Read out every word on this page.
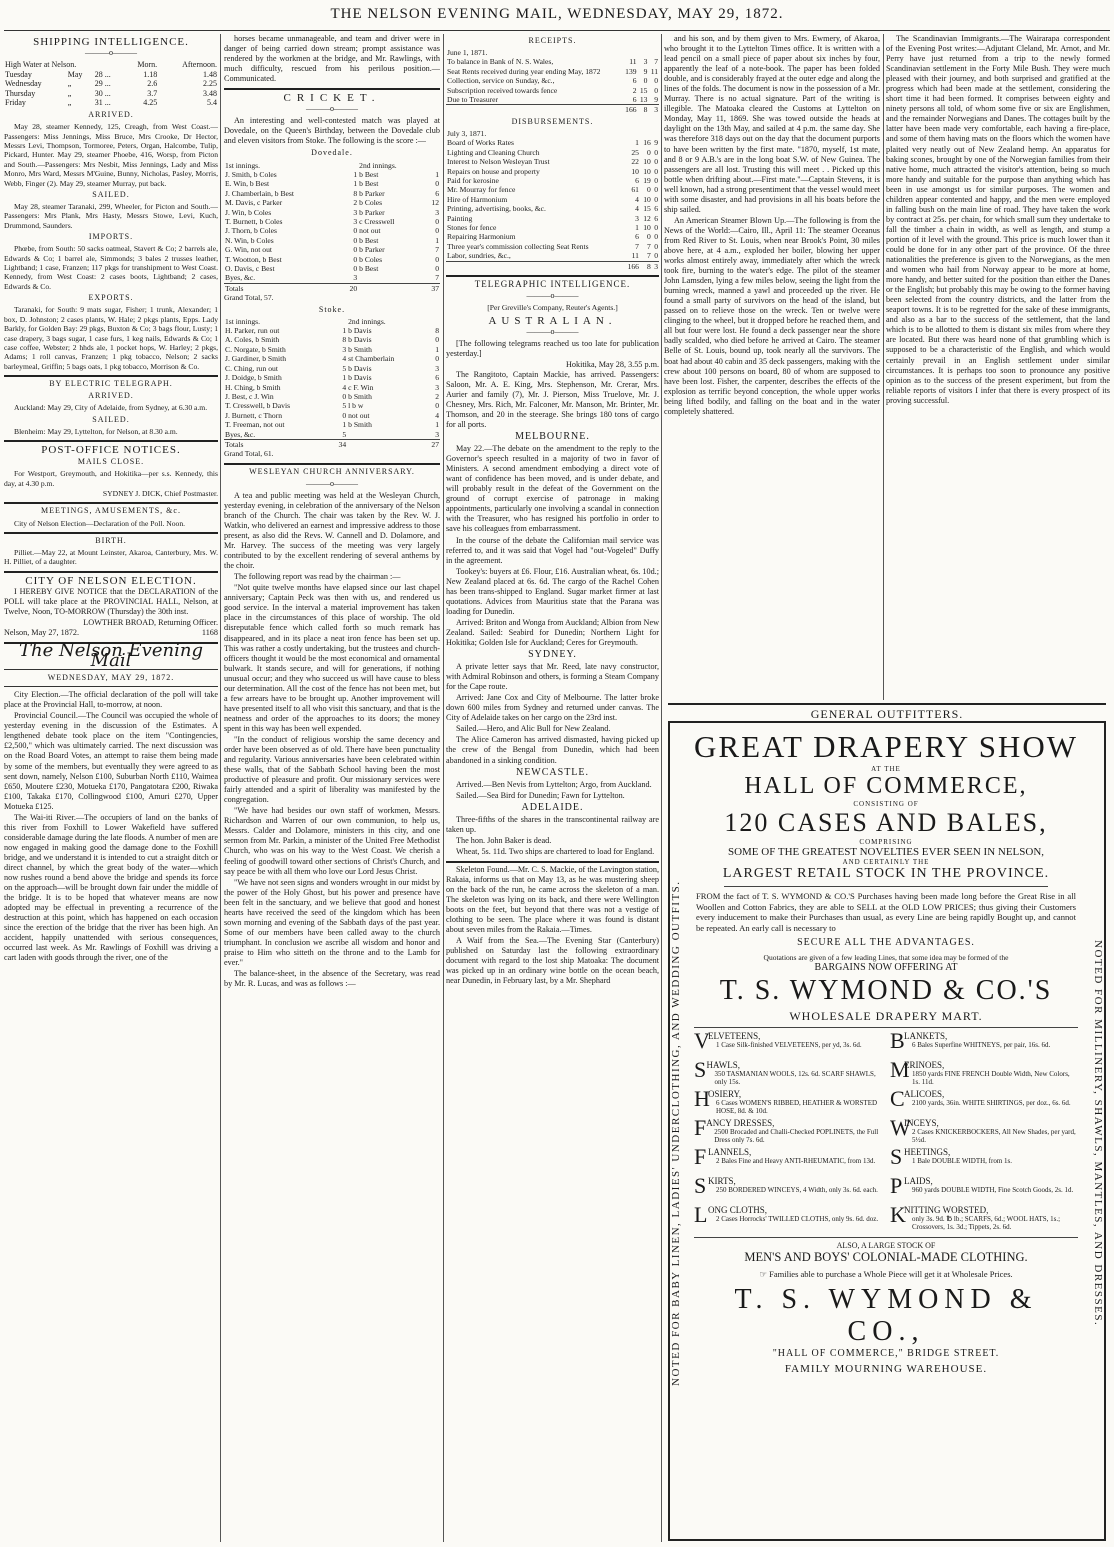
THE NELSON EVENING MAIL, WEDNESDAY, MAY 29, 1872.
SHIPPING INTELLIGENCE.
———o———
High Water at Nelson.			Morn.	Afternoon.
Tuesday	May	28 ...	1.18	1.48
Wednesday	„	29 ...	2.6	2.25
Thursday	„	30 ...	3.7	3.48
Friday	„	31 ...	4.25	5.4
ARRIVED.

May 28, steamer Kennedy, 125, Creagh, from West Coast.—Passengers: Miss Jennings, Miss Bruce, Mrs Crooke, Dr Hector, Messrs Levi, Thompson, Tormoree, Peters, Organ, Halcombe, Tulip, Pickard, Hunter. May 29, steamer Phoebe, 416, Worsp, from Picton and South.—Passengers: Mrs Nesbit, Miss Jennings, Lady and Miss Monro, Mrs Ward, Messrs M'Guine, Bunny, Nicholas, Pasley, Morris, Webb, Finger (2). May 29, steamer Murray, put back.

SAILED.

May 28, steamer Taranaki, 299, Wheeler, for Picton and South.—Passengers: Mrs Plank, Mrs Hasty, Messrs Stowe, Levi, Kuch, Drummond, Saunders.

IMPORTS.

Phœbe, from South: 50 sacks oatmeal, Stavert & Co; 2 barrels ale, Edwards & Co; 1 barrel ale, Simmonds; 3 bales 2 trusses leather, Lightband; 1 case, Franzen; 117 pkgs for transhipment to West Coast. Kennedy, from West Coast: 2 cases boots, Lightband; 2 cases, Edwards & Co.

EXPORTS.

Taranaki, for South: 9 mats sugar, Fisher; 1 trunk, Alexander; 1 box, D. Johnston; 2 cases plants, W. Hale; 2 pkgs plants, Epps. Lady Barkly, for Golden Bay: 29 pkgs, Buxton & Co; 3 bags flour, Lusty; 1 case drapery, 3 bags sugar, 1 case furs, 1 keg nails, Edwards & Co; 1 case coffee, Webster; 2 hhds ale, 1 pocket hops, W. Harley; 2 pkgs, Adams; 1 roll canvas, Franzen; 1 pkg tobacco, Nelson; 2 sacks barleymeal, Griffin; 5 bags oats, 1 pkg tobacco, Morrison & Co.

BY ELECTRIC TELEGRAPH.
ARRIVED.

Auckland: May 29, City of Adelaide, from Sydney, at 6.30 a.m.

SAILED.

Blenheim: May 29, Lyttelton, for Nelson, at 8.30 a.m.

POST-OFFICE NOTICES.
MAILS CLOSE.

For Westport, Greymouth, and Hokitika—per s.s. Kennedy, this day, at 4.30 p.m.

SYDNEY J. DICK, Chief Postmaster.
MEETINGS, AMUSEMENTS, &c.

City of Nelson Election—Declaration of the Poll. Noon.

BIRTH.

Pilliet.—May 22, at Mount Leinster, Akaroa, Canterbury, Mrs. W. H. Pilliet, of a daughter.

CITY OF NELSON ELECTION.

I HEREBY GIVE NOTICE that the DECLARATION of the POLL will take place at the PROVINCIAL HALL, Nelson, at Twelve, Noon, TO-MORROW (Thursday) the 30th inst.

LOWTHER BROAD, Returning Officer.
Nelson, May 27, 1872.	1168
The Nelson Evening Mail
WEDNESDAY, MAY 29, 1872.

City Election.—The official declaration of the poll will take place at the Provincial Hall, to-morrow, at noon.

Provincial Council.—The Council was occupied the whole of yesterday evening in the discussion of the Estimates. A lengthened debate took place on the item "Contingencies, £2,500," which was ultimately carried. The next discussion was on the Road Board Votes, an attempt to raise them being made by some of the members, but eventually they were agreed to as sent down, namely, Nelson £100, Suburban North £110, Waimea £650, Moutere £230, Motueka £170, Pangatotara £200, Riwaka £100, Takaka £170, Collingwood £100, Amuri £270, Upper Motueka £125.

The Wai-iti River.—The occupiers of land on the banks of this river from Foxhill to Lower Wakefield have suffered considerable damage during the late floods. A number of men are now engaged in making good the damage done to the Foxhill bridge, and we understand it is intended to cut a straight ditch or direct channel, by which the great body of the water—which now rushes round a bend above the bridge and spends its force on the approach—will be brought down fair under the middle of the bridge. It is to be hoped that whatever means are now adopted may be effectual in preventing a recurrence of the destruction at this point, which has happened on each occasion since the erection of the bridge that the river has been high. An accident, happily unattended with serious consequences, occurred last week. As Mr. Rawlings of Foxhill was driving a cart laden with goods through the river, one of the

horses became unmanageable, and team and driver were in danger of being carried down stream; prompt assistance was rendered by the workmen at the bridge, and Mr. Rawlings, with much difficulty, rescued from his perilous position.—Communicated.

CRICKET.
———o———

An interesting and well-contested match was played at Dovedale, on the Queen's Birthday, between the Dovedale club and eleven visitors from Stoke. The following is the score :—

Dovedale.
1st innings.		2nd innings.	
J. Smith, b Coles	1	b Best	1
E. Win, b Best	1	b Best	0
J. Chamberlain, b Best	8	b Parker	6
M. Davis, c Parker	2	b Coles	12
J. Win, b Coles	3	b Parker	3
T. Burnett, b Coles	3	c Cresswell	0
J. Thorn, b Coles	0	not out	0
N. Win, b Coles	0	b Best	1
G. Win, not out	0	b Parker	7
T. Wootton, b Best	0	b Coles	0
O. Davis, c Best	0	b Best	0
Byes, &c.	3		7
Totals	20		37
Grand Total, 57.
Stoke.
1st innings.		2nd innings.	
H. Parker, run out	1	b Davis	8
A. Coles, b Smith	8	b Davis	0
C. Norgate, b Smith	3	b Smith	1
J. Gardiner, b Smith	4	st Chamberlain	0
C. Ching, run out	5	b Davis	3
J. Doidge, b Smith	1	b Davis	6
H. Ching, b Smith	4	c F. Win	3
J. Best, c J. Win	0	b Smith	2
T. Cresswell, b Davis	5	l b w	0
J. Burnett, c Thorn	0	not out	4
T. Freeman, not out	1	b Smith	1
Byes, &c.	5		3
Totals	34		27
Grand Total, 61.
WESLEYAN CHURCH ANNIVERSARY.
———o———

A tea and public meeting was held at the Wesleyan Church, yesterday evening, in celebration of the anniversary of the Nelson branch of the Church. The chair was taken by the Rev. W. J. Watkin, who delivered an earnest and impressive address to those present, as also did the Revs. W. Cannell and D. Dolamore, and Mr. Harvey. The success of the meeting was very largely contributed to by the excellent rendering of several anthems by the choir.

The following report was read by the chairman :—

"Not quite twelve months have elapsed since our last chapel anniversary; Captain Peck was then with us, and rendered us good service. In the interval a material improvement has taken place in the circumstances of this place of worship. The old disreputable fence which called forth so much remark has disappeared, and in its place a neat iron fence has been set up. This was rather a costly undertaking, but the trustees and church-officers thought it would be the most economical and ornamental bulwark. It stands secure, and will for generations, if nothing unusual occur; and they who succeed us will have cause to bless our determination. All the cost of the fence has not been met, but a few arrears have to be brought up. Another improvement will have presented itself to all who visit this sanctuary, and that is the neatness and order of the approaches to its doors; the money spent in this way has been well expended.

"In the conduct of religious worship the same decency and order have been observed as of old. There have been punctuality and regularity. Various anniversaries have been celebrated within these walls, that of the Sabbath School having been the most productive of pleasure and profit. Our missionary services were fairly attended and a spirit of liberality was manifested by the congregation.

"We have had besides our own staff of workmen, Messrs. Richardson and Warren of our own communion, to help us, Messrs. Calder and Dolamore, ministers in this city, and one sermon from Mr. Parkin, a minister of the United Free Methodist Church, who was on his way to the West Coast. We cherish a feeling of goodwill toward other sections of Christ's Church, and say peace be with all them who love our Lord Jesus Christ.

"We have not seen signs and wonders wrought in our midst by the power of the Holy Ghost, but his power and presence have been felt in the sanctuary, and we believe that good and honest hearts have received the seed of the kingdom which has been sown morning and evening of the Sabbath days of the past year. Some of our members have been called away to the church triumphant. In conclusion we ascribe all wisdom and honor and praise to Him who sitteth on the throne and to the Lamb for ever."

The balance-sheet, in the absence of the Secretary, was read by Mr. R. Lucas, and was as follows :—

RECEIPTS.
June 1, 1871.			
To balance in Bank of N. S. Wales,	11	3	7
Seat Rents received during year ending May, 1872	139	9	11
Collection, service on Sunday, &c.,	6	0	0
Subscription received towards fence	2	15	0
Due to Treasurer	6	13	9
	166	8	3
DISBURSEMENTS.
July 3, 1871.			
Board of Works Rates	1	16	9
Lighting and Cleaning Church	25	0	0
Interest to Nelson Wesleyan Trust	22	10	0
Repairs on house and property	10	10	0
Paid for kerosine	6	19	0
Mr. Mourray for fence	61	0	0
Hire of Harmonium	4	10	0
Printing, advertising, books, &c.	4	15	6
Painting	3	12	6
Stones for fence	1	10	0
Repairing Harmonium	6	0	0
Three year's commission collecting Seat Rents	7	7	0
Labor, sundries, &c.,	11	7	0
	166	8	3
TELEGRAPHIC INTELLIGENCE.
———o———
[Per Greville's Company, Reuter's Agents.]
AUSTRALIAN.
———o———

[The following telegrams reached us too late for publication yesterday.]

Hokitika, May 28, 3.55 p.m.

The Rangitoto, Captain Mackie, has arrived. Passengers: Saloon, Mr. A. E. King, Mrs. Stephenson, Mr. Crerar, Mrs. Aurier and family (7), Mr. J. Pierson, Miss Truelove, Mr. J. Chesney, Mrs. Rich, Mr. Falconer, Mr. Manson, Mr. Brinter, Mr. Thomson, and 20 in the steerage. She brings 180 tons of cargo for all ports.

MELBOURNE.

May 22.—The debate on the amendment to the reply to the Governor's speech resulted in a majority of two in favor of Ministers. A second amendment embodying a direct vote of want of confidence has been moved, and is under debate, and will probably result in the defeat of the Government on the ground of corrupt exercise of patronage in making appointments, particularly one involving a scandal in connection with the Treasurer, who has resigned his portfolio in order to save his colleagues from embarrassment.

In the course of the debate the Californian mail service was referred to, and it was said that Vogel had "out-Vogeled" Duffy in the agreement.

Tookey's: buyers at £6. Flour, £16. Australian wheat, 6s. 10d.; New Zealand placed at 6s. 6d. The cargo of the Rachel Cohen has been trans-shipped to England. Sugar market firmer at last quotations. Advices from Mauritius state that the Parana was loading for Dunedin.

Arrived: Briton and Wonga from Auckland; Albion from New Zealand. Sailed: Seabird for Dunedin; Northern Light for Hokitika; Golden Isle for Auckland; Ceres for Greymouth.

SYDNEY.

A private letter says that Mr. Reed, late navy constructor, with Admiral Robinson and others, is forming a Steam Company for the Cape route.

Arrived: Jane Cox and City of Melbourne. The latter broke down 600 miles from Sydney and returned under canvas. The City of Adelaide takes on her cargo on the 23rd inst.

Sailed.—Hero, and Alic Bull for New Zealand.

The Alice Cameron has arrived dismasted, having picked up the crew of the Bengal from Dunedin, which had been abandoned in a sinking condition.

NEWCASTLE.

Arrived.—Ben Nevis from Lyttelton; Argo, from Auckland.

Sailed.—Sea Bird for Dunedin; Fawn for Lyttelton.

ADELAIDE.

Three-fifths of the shares in the transcontinental railway are taken up.

The hon. John Baker is dead.

Wheat, 5s. 11d. Two ships are chartered to load for England.

Skeleton Found.—Mr. C. S. Mackie, of the Lavington station, Rakaia, informs us that on May 13, as he was mustering sheep on the back of the run, he came across the skeleton of a man. The skeleton was lying on its back, and there were Wellington boots on the feet, but beyond that there was not a vestige of clothing to be seen. The place where it was found is distant about seven miles from the Rakaia.—Times.

A Waif from the Sea.—The Evening Star (Canterbury) published on Saturday last the following extraordinary document with regard to the lost ship Matoaka: The document was picked up in an ordinary wine bottle on the ocean beach, near Dunedin, in February last, by a Mr. Shephard

and his son, and by them given to Mrs. Ewmery, of Akaroa, who brought it to the Lyttelton Times office. It is written with a lead pencil on a small piece of paper about six inches by four, apparently the leaf of a note-book. The paper has been folded double, and is considerably frayed at the outer edge and along the lines of the folds. The document is now in the possession of a Mr. Murray. There is no actual signature. Part of the writing is illegible. The Matoaka cleared the Customs at Lyttelton on Monday, May 11, 1869. She was towed outside the heads at daylight on the 13th May, and sailed at 4 p.m. the same day. She was therefore 318 days out on the day that the document purports to have been written by the first mate. "1870, myself, 1st mate, and 8 or 9 A.B.'s are in the long boat S.W. of New Guinea. The passengers are all lost. Trusting this will meet . . Picked up this bottle when drifting about.—First mate."—Captain Stevens, it is well known, had a strong presentiment that the vessel would meet with some disaster, and had provisions in all his boats before the ship sailed.

An American Steamer Blown Up.—The following is from the News of the World:—Cairo, Ill., April 11: The steamer Oceanus from Red River to St. Louis, when near Brook's Point, 30 miles above here, at 4 a.m., exploded her boiler, blowing her upper works almost entirely away, immediately after which the wreck took fire, burning to the water's edge. The pilot of the steamer John Lamsden, lying a few miles below, seeing the light from the burning wreck, manned a yawl and proceeded up the river. He found a small party of survivors on the head of the island, but passed on to relieve those on the wreck. Ten or twelve were clinging to the wheel, but it dropped before he reached them, and all but four were lost. He found a deck passenger near the shore badly scalded, who died before he arrived at Cairo. The steamer Belle of St. Louis, bound up, took nearly all the survivors. The boat had about 40 cabin and 35 deck passengers, making with the crew about 100 persons on board, 80 of whom are supposed to have been lost. Fisher, the carpenter, describes the effects of the explosion as terrific beyond conception, the whole upper works being lifted bodily, and falling on the boat and in the water completely shattered.

The Scandinavian Immigrants.—The Wairarapa correspondent of the Evening Post writes:—Adjutant Cleland, Mr. Arnot, and Mr. Perry have just returned from a trip to the newly formed Scandinavian settlement in the Forty Mile Bush. They were much pleased with their journey, and both surprised and gratified at the progress which had been made at the settlement, considering the short time it had been formed. It comprises between eighty and ninety persons all told, of whom some five or six are Englishmen, and the remainder Norwegians and Danes. The cottages built by the latter have been made very comfortable, each having a fire-place, and some of them having mats on the floors which the women have plaited very neatly out of New Zealand hemp. An apparatus for baking scones, brought by one of the Norwegian families from their native home, much attracted the visitor's attention, being so much more handy and suitable for the purpose than anything which has been in use amongst us for similar purposes. The women and children appear contented and happy, and the men were employed in falling bush on the main line of road. They have taken the work by contract at 25s. per chain, for which small sum they undertake to fall the timber a chain in width, as well as length, and stump a portion of it level with the ground. This price is much lower than it could be done for in any other part of the province. Of the three nationalities the preference is given to the Norwegians, as the men and women who hail from Norway appear to be more at home, more handy, and better suited for the position than either the Danes or the English; but probably this may be owing to the former having been selected from the country districts, and the latter from the seaport towns. It is to be regretted for the sake of these immigrants, and also as a bar to the success of the settlement, that the land which is to be allotted to them is distant six miles from where they are located. But there was heard none of that grumbling which is supposed to be a characteristic of the English, and which would certainly prevail in an English settlement under similar circumstances. It is perhaps too soon to pronounce any positive opinion as to the success of the present experiment, but from the reliable reports of visitors I infer that there is every prospect of its proving successful.

GENERAL OUTFITTERS.
NOTED FOR BABY LINEN, LADIES' UNDERCLOTHING, AND WEDDING OUTFITS.	NOTED FOR MILLINERY, SHAWLS, MANTLES, AND DRESSES.
GREAT DRAPERY SHOW
AT THE
HALL OF COMMERCE,
CONSISTING OF
120 CASES AND BALES,
COMPRISING
SOME OF THE GREATEST NOVELTIES EVER SEEN IN NELSON,
AND CERTAINLY THE
LARGEST RETAIL STOCK IN THE PROVINCE.

FROM the fact of T. S. WYMOND & CO.'S Purchases having been made long before the Great Rise in all Woollen and Cotton Fabrics, they are able to SELL at the OLD LOW PRICES; thus giving their Customers every inducement to make their Purchases than usual, as every Line are being rapidly Bought up, and cannot be repeated. An early call is necessary to

SECURE ALL THE ADVANTAGES.
Quotations are given of a few leading Lines, that some idea may be formed of the
BARGAINS NOW OFFERING AT
T. S. WYMOND & CO.'S
WHOLESALE DRAPERY MART.
V
ELVETEENS,
1 Case Silk-finished VELVETEENS, per yd, 3s. 6d.
S HAWLS,
350 TASMANIAN WOOLS, 12s. 6d. SCARF SHAWLS, only 15s.
H
OSIERY,
6 Cases WOMEN'S RIBBED, HEATHER & WORSTED HOSE, 8d. & 10d.
F ANCY DRESSES,
2500 Brocaded and Challi-Checked POPLINETS, the Full Dress only 7s. 6d.
F LANNELS,
2 Bales Fine and Heavy ANTI-RHEUMATIC, from 13d.
S KIRTS,
250 BORDERED WINCEYS, 4 Width, only 3s. 6d. each.
L ONG CLOTHS,
2 Cases Horrocks' TWILLED CLOTHS, only 9s. 6d. doz.
B LANKETS,
6 Bales Superfine WHITNEYS, per pair, 16s. 6d.
M
ERINOES,
1850 yards FINE FRENCH Double Width, New Colors, 1s. 11d.
C ALICOES,
2100 yards, 36in. WHITE SHIRTINGS, per doz., 6s. 6d.
W
INCEYS,
2 Cases KNICKERBOCKERS, All New Shades, per yard, 5½d.
S HEETINGS,
1 Bale DOUBLE WIDTH, from 1s.
P LAIDS,
960 yards DOUBLE WIDTH, Fine Scotch Goods, 2s. 1d.
K
NITTING WORSTED,
only 3s. 9d. ℔ lb.; SCARFS, 6d.; WOOL HATS, 1s.; Crossovers, 1s. 3d.; Tippets, 2s. 6d.
ALSO, A LARGE STOCK OF
MEN'S AND BOYS' COLONIAL-MADE CLOTHING.
☞ Families able to purchase a Whole Piece will get it at Wholesale Prices.
T. S. WYMOND & CO.,
"HALL OF COMMERCE," BRIDGE STREET.
FAMILY MOURNING WAREHOUSE.
